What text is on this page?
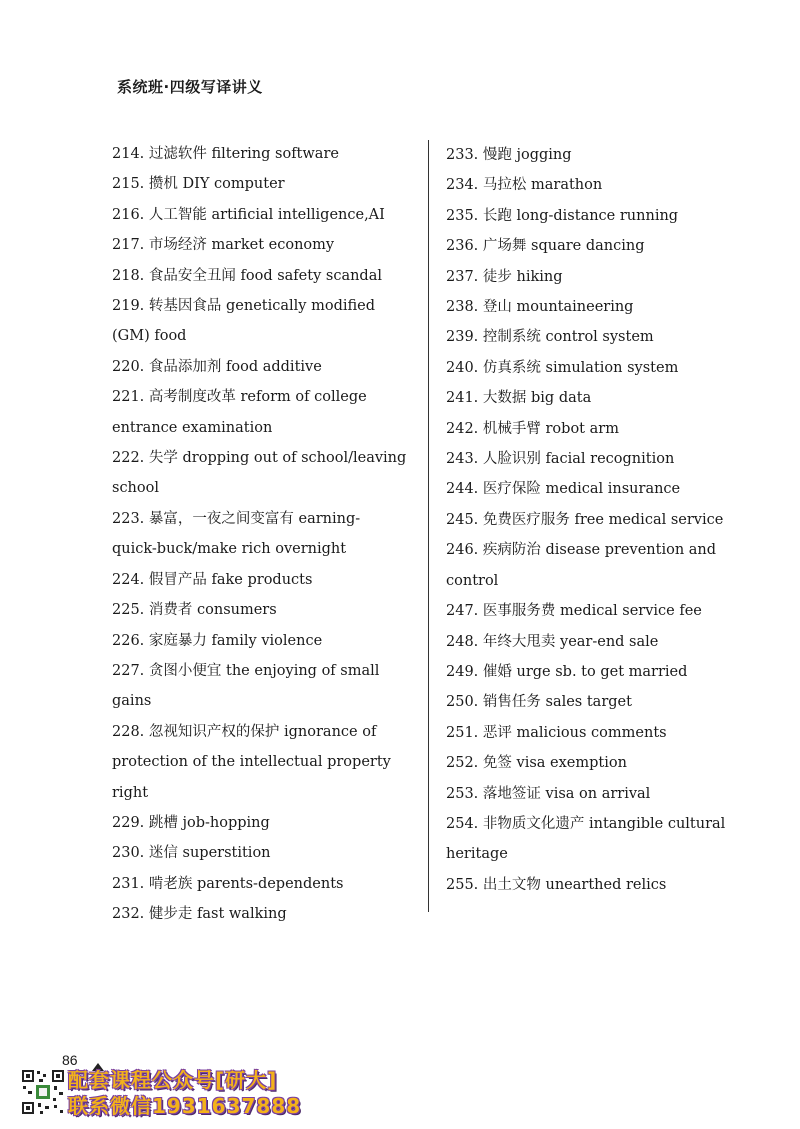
系统班·四级写译讲义

214. 过滤软件 filtering software

215. 攒机 DIY computer

216. 人工智能 artificial intelligence,AI

217. 市场经济 market economy

218. 食品安全丑闻 food safety scandal

219. 转基因食品 genetically modified

(GM) food

220. 食品添加剂 food additive

221. 高考制度改革 reform of college

entrance examination

222. 失学 dropping out of school/leaving

school

223. 暴富，一夜之间变富有 earning-

quick-buck/make rich overnight

224. 假冒产品 fake products

225. 消费者 consumers

226. 家庭暴力 family violence

227. 贪图小便宜 the enjoying of small

gains

228. 忽视知识产权的保护 ignorance of

protection of the intellectual property right

229. 跳槽 job-hopping

230. 迷信 superstition

231. 啃老族 parents-dependents

232. 健步走 fast walking

233. 慢跑 jogging

234. 马拉松 marathon

235. 长跑 long-distance running

236. 广场舞 square dancing

237. 徒步 hiking

238. 登山 mountaineering

239. 控制系统 control system

240. 仿真系统 simulation system

241. 大数据 big data

242. 机械手臂 robot arm

243. 人脸识别 facial recognition

244. 医疗保险 medical insurance

245. 免费医疗服务 free medical service

246. 疾病防治 disease prevention and

control

247. 医事服务费 medical service fee

248. 年终大甩卖 year-end sale

249. 催婚 urge sb. to get married

250. 销售任务 sales target

251. 恶评 malicious comments

252. 免签 visa exemption

253. 落地签证 visa on arrival

254. 非物质文化遗产 intangible cultural

heritage

255. 出土文物 unearthed relics

86
配套课程公众号[研大]
联系微信1931637888
